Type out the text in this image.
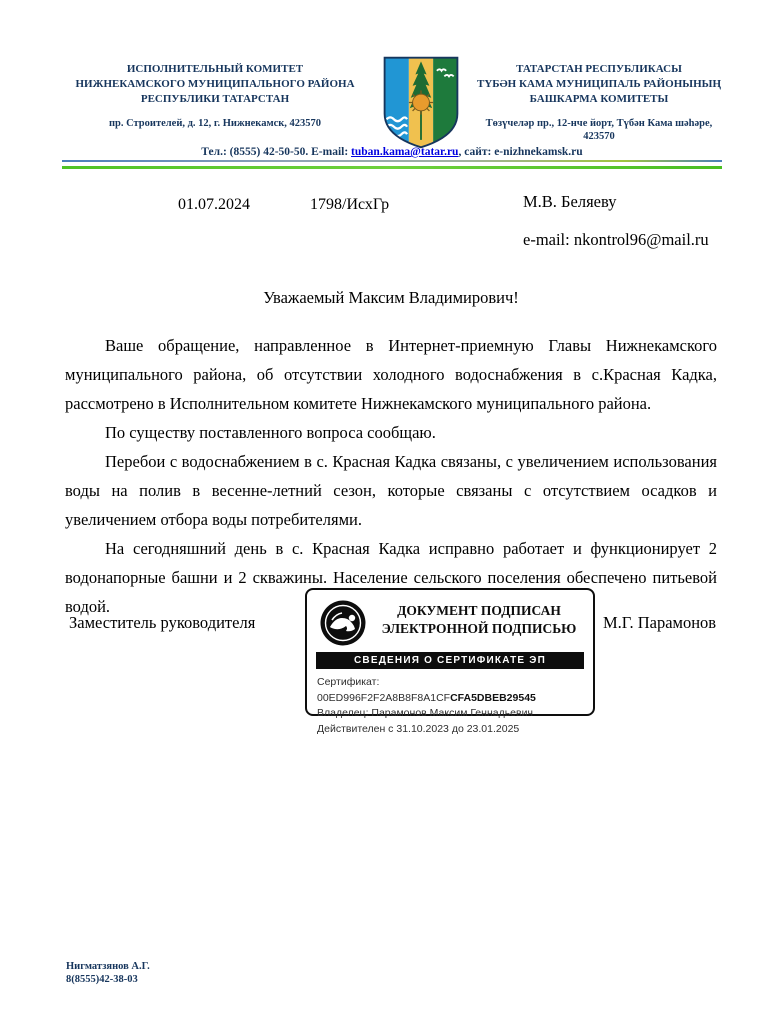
ИСПОЛНИТЕЛЬНЫЙ КОМИТЕТ
НИЖНЕКАМСКОГО МУНИЦИПАЛЬНОГО РАЙОНА
РЕСПУБЛИКИ ТАТАРСТАН
пр. Строителей, д. 12, г. Нижнекамск, 423570
ТАТАРСТАН РЕСПУБЛИКАСЫ
ТҮБӘН КАМА МУНИЦИПАЛЬ РАЙОНЫНЫҢ
БАШКАРМА КОМИТЕТЫ
Төзүчеләр пр., 12-нче йорт, Түбән Кама шәһәре,
423570
Тел.: (8555) 42-50-50. E-mail: tuban.kama@tatar.ru, сайт: e-nizhnekamsk.ru
01.07.2024	1798/ИсхГр	М.В. Беляеву
e-mail: nkontrol96@mail.ru
Уважаемый Максим Владимирович!

Ваше обращение, направленное в Интернет-приемную Главы Нижнекамского муниципального района, об отсутствии холодного водоснабжения в с.Красная Кадка, рассмотрено в Исполнительном комитете Нижнекамского муниципального района.

По существу поставленного вопроса сообщаю.

Перебои с водоснабжением в с. Красная Кадка связаны, с увеличением использования воды на полив в весенне-летний сезон, которые связаны с отсутствием осадков и увеличением отбора воды потребителями.

На сегодняшний день в с. Красная Кадка исправно работает и функционирует 2 водонапорные башни и 2 скважины. Население сельского поселения обеспечено питьевой водой.

Заместитель руководителя	М.Г. Парамонов
ДОКУМЕНТ ПОДПИСАН
ЭЛЕКТРОННОЙ ПОДПИСЬЮ
СВЕДЕНИЯ О СЕРТИФИКАТЕ ЭП
Сертификат: 00ED996F2F2A8B8F8A1CFCFA5DBEB29545
Владелец: Парамонов Максим Геннадьевич
Действителен с 31.10.2023 до 23.01.2025
Нигматзянов А.Г.
8(8555)42-38-03
